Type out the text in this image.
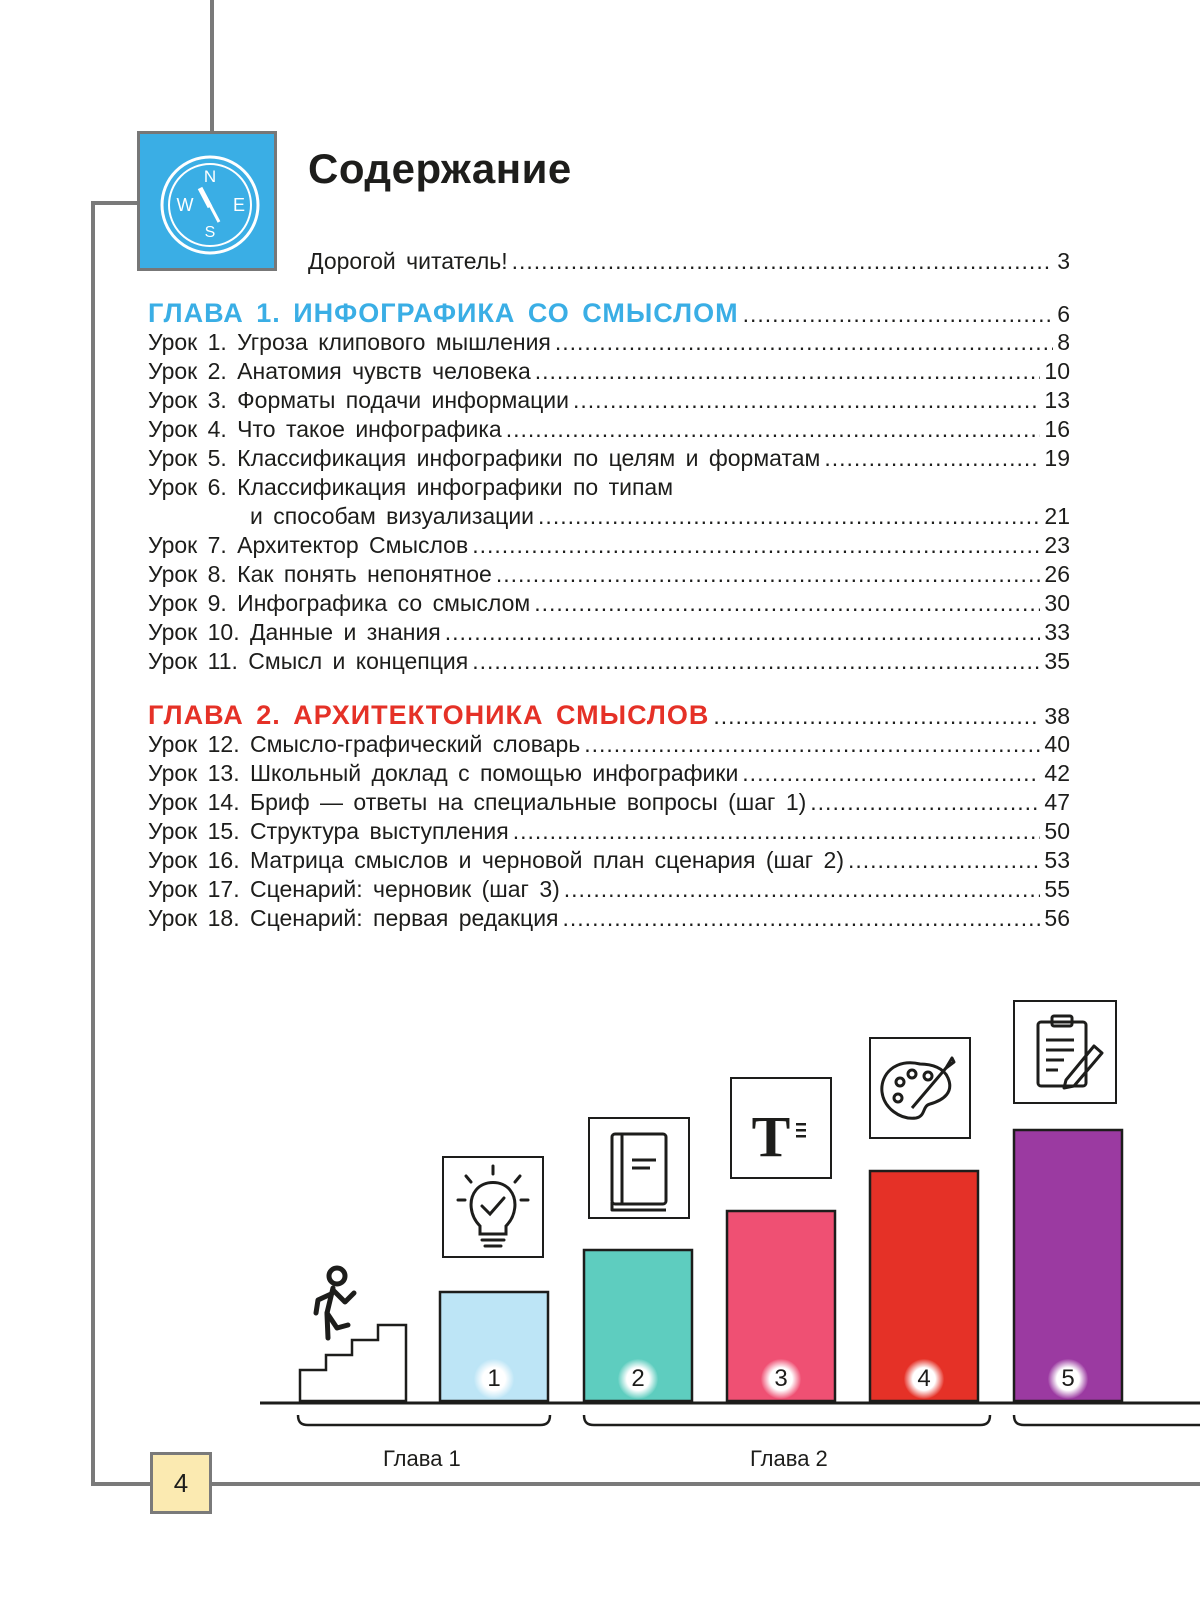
N
W E
S
Содержание
Дорогой читатель! .....	3
ГЛАВА 1. ИНФОГРАФИКА СО СМЫСЛОМ .....	6
Урок 1. Угроза клипового мышления .....	8
Урок 2. Анатомия чувств человека .....	10
Урок 3. Форматы подачи информации .....	13
Урок 4. Что такое инфографика .....	16
Урок 5. Классификация инфографики по целям и форматам .....	19
Урок 6. Классификация инфографики по типам
и способам визуализации .....	21
Урок 7. Архитектор Смыслов .....	23
Урок 8. Как понять непонятное .....	26
Урок 9. Инфографика со смыслом .....	30
Урок 10. Данные и знания .....	33
Урок 11. Смысл и концепция .....	35
ГЛАВА 2. АРХИТЕКТОНИКА СМЫСЛОВ .....	38
Урок 12. Смысло-графический словарь .....	40
Урок 13. Школьный доклад с помощью инфографики .....	42
Урок 14. Бриф — ответы на специальные вопросы (шаг 1) .....	47
Урок 15. Структура выступления .....	50
Урок 16. Матрица смыслов и черновой план сценария (шаг 2) .....	53
Урок 17. Сценарий: черновик (шаг 3) .....	55
Урок 18. Сценарий: первая редакция .....	56
T
1	2	3	4	5
Глава 1	Глава 2
4
